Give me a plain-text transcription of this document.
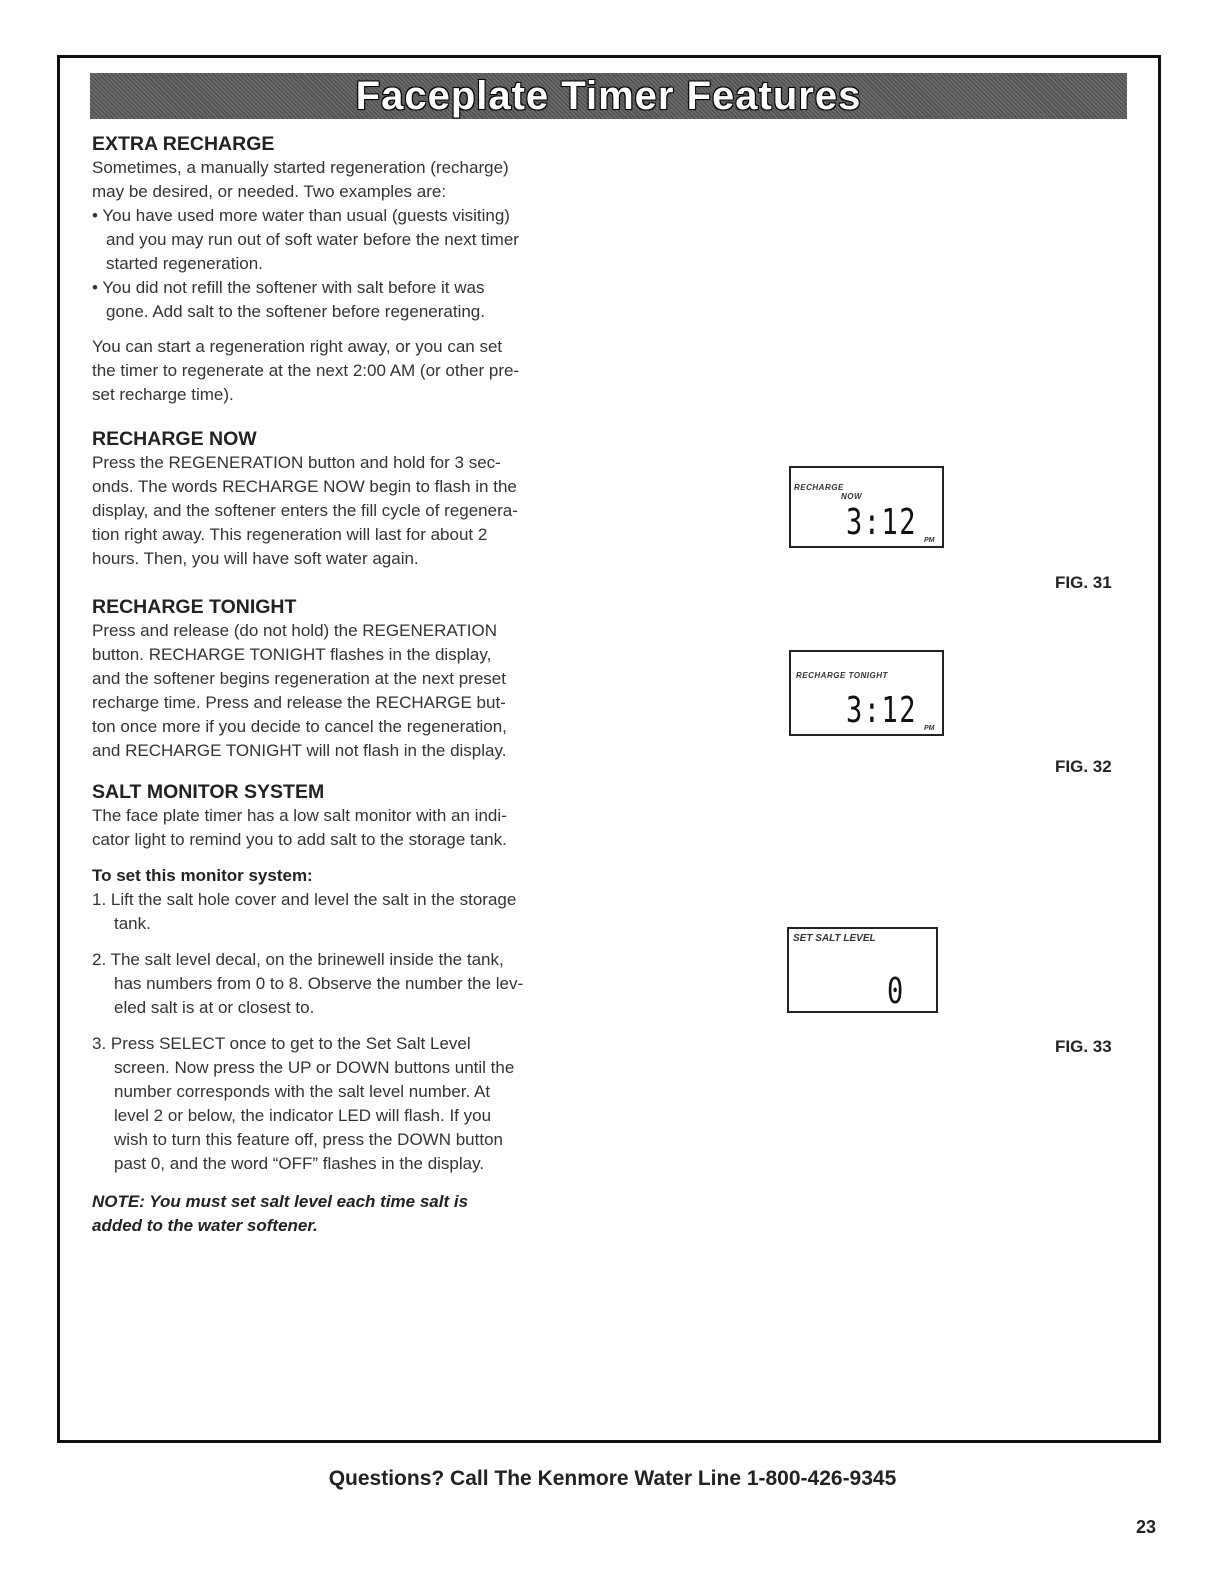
Faceplate Timer Features

EXTRA RECHARGE

Sometimes, a manually started regeneration (recharge)

may be desired, or needed. Two examples are:

• You have used more water than usual (guests visiting)

and you may run out of soft water before the next timer

started regeneration.

• You did not refill the softener with salt before it was

gone. Add salt to the softener before regenerating.

You can start a regeneration right away, or you can set

the timer to regenerate at the next 2:00 AM (or other pre-

set recharge time).

RECHARGE NOW

Press the REGENERATION button and hold for 3 sec-

onds. The words RECHARGE NOW begin to flash in the

display, and the softener enters the fill cycle of regenera-

tion right away. This regeneration will last for about 2

hours. Then, you will have soft water again.

RECHARGE TONIGHT

Press and release (do not hold) the REGENERATION

button. RECHARGE TONIGHT flashes in the display,

and the softener begins regeneration at the next preset

recharge time. Press and release the RECHARGE but-

ton once more if you decide to cancel the regeneration,

and RECHARGE TONIGHT will not flash in the display.

SALT MONITOR SYSTEM

The face plate timer has a low salt monitor with an indi-

cator light to remind you to add salt to the storage tank.

To set this monitor system:

1. Lift the salt hole cover and level the salt in the storage

tank.

2. The salt level decal, on the brinewell inside the tank,

has numbers from 0 to 8. Observe the number the lev-

eled salt is at or closest to.

3. Press SELECT once to get to the Set Salt Level

screen. Now press the UP or DOWN buttons until the

number corresponds with the salt level number. At

level 2 or below, the indicator LED will flash. If you

wish to turn this feature off, press the DOWN button

past 0, and the word “OFF” flashes in the display.

NOTE: You must set salt level each time salt is

added to the water softener.

RECHARGE
NOW
3:12 PM
FIG. 31
RECHARGE TONIGHT
3:12 PM
FIG. 32
SET SALT LEVEL
0
FIG. 33
Questions? Call The Kenmore Water Line 1-800-426-9345
23
